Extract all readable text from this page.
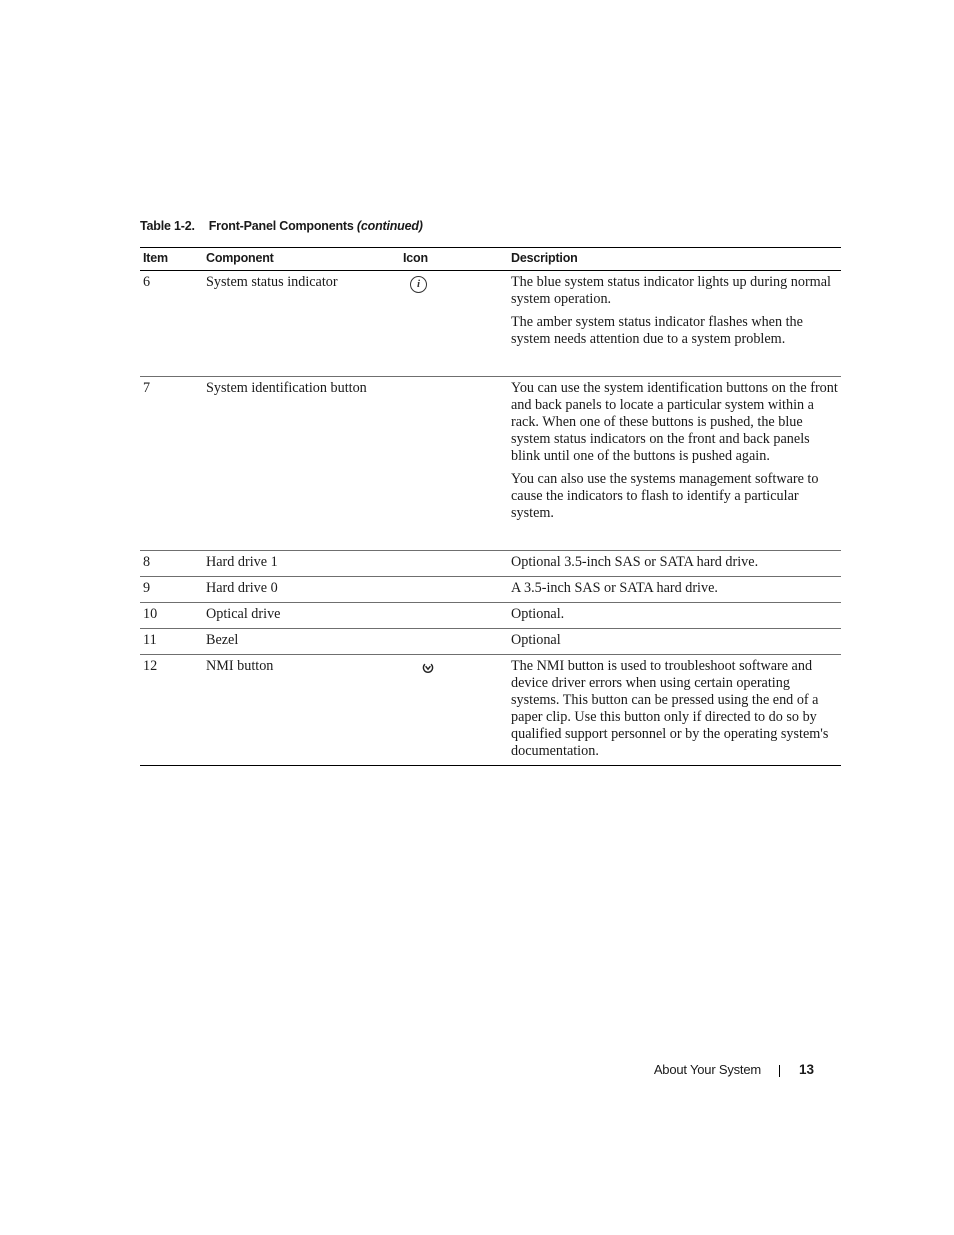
Table 1-2. Front-Panel Components (continued)
Item	Component	Icon	Description
6	System status indicator	i	The blue system status indicator lights up during normal system operation.

The amber system status indicator flashes when the system needs attention due to a system problem.

7	System identification button		You can use the system identification buttons on the front and back panels to locate a particular system within a rack. When one of these buttons is pushed, the blue system status indicators on the front and back panels blink until one of the buttons is pushed again.

You can also use the systems management software to cause the indicators to flash to identify a particular system.

8	Hard drive 1		Optional 3.5-inch SAS or SATA hard drive.

9	Hard drive 0		A 3.5-inch SAS or SATA hard drive.

10	Optical drive		Optional.

11	Bezel		Optional

12	NMI button		The NMI button is used to troubleshoot software and device driver errors when using certain operating systems. This button can be pressed using the end of a paper clip. Use this button only if directed to do so by qualified support personnel or by the operating system's documentation.

About Your System	13
